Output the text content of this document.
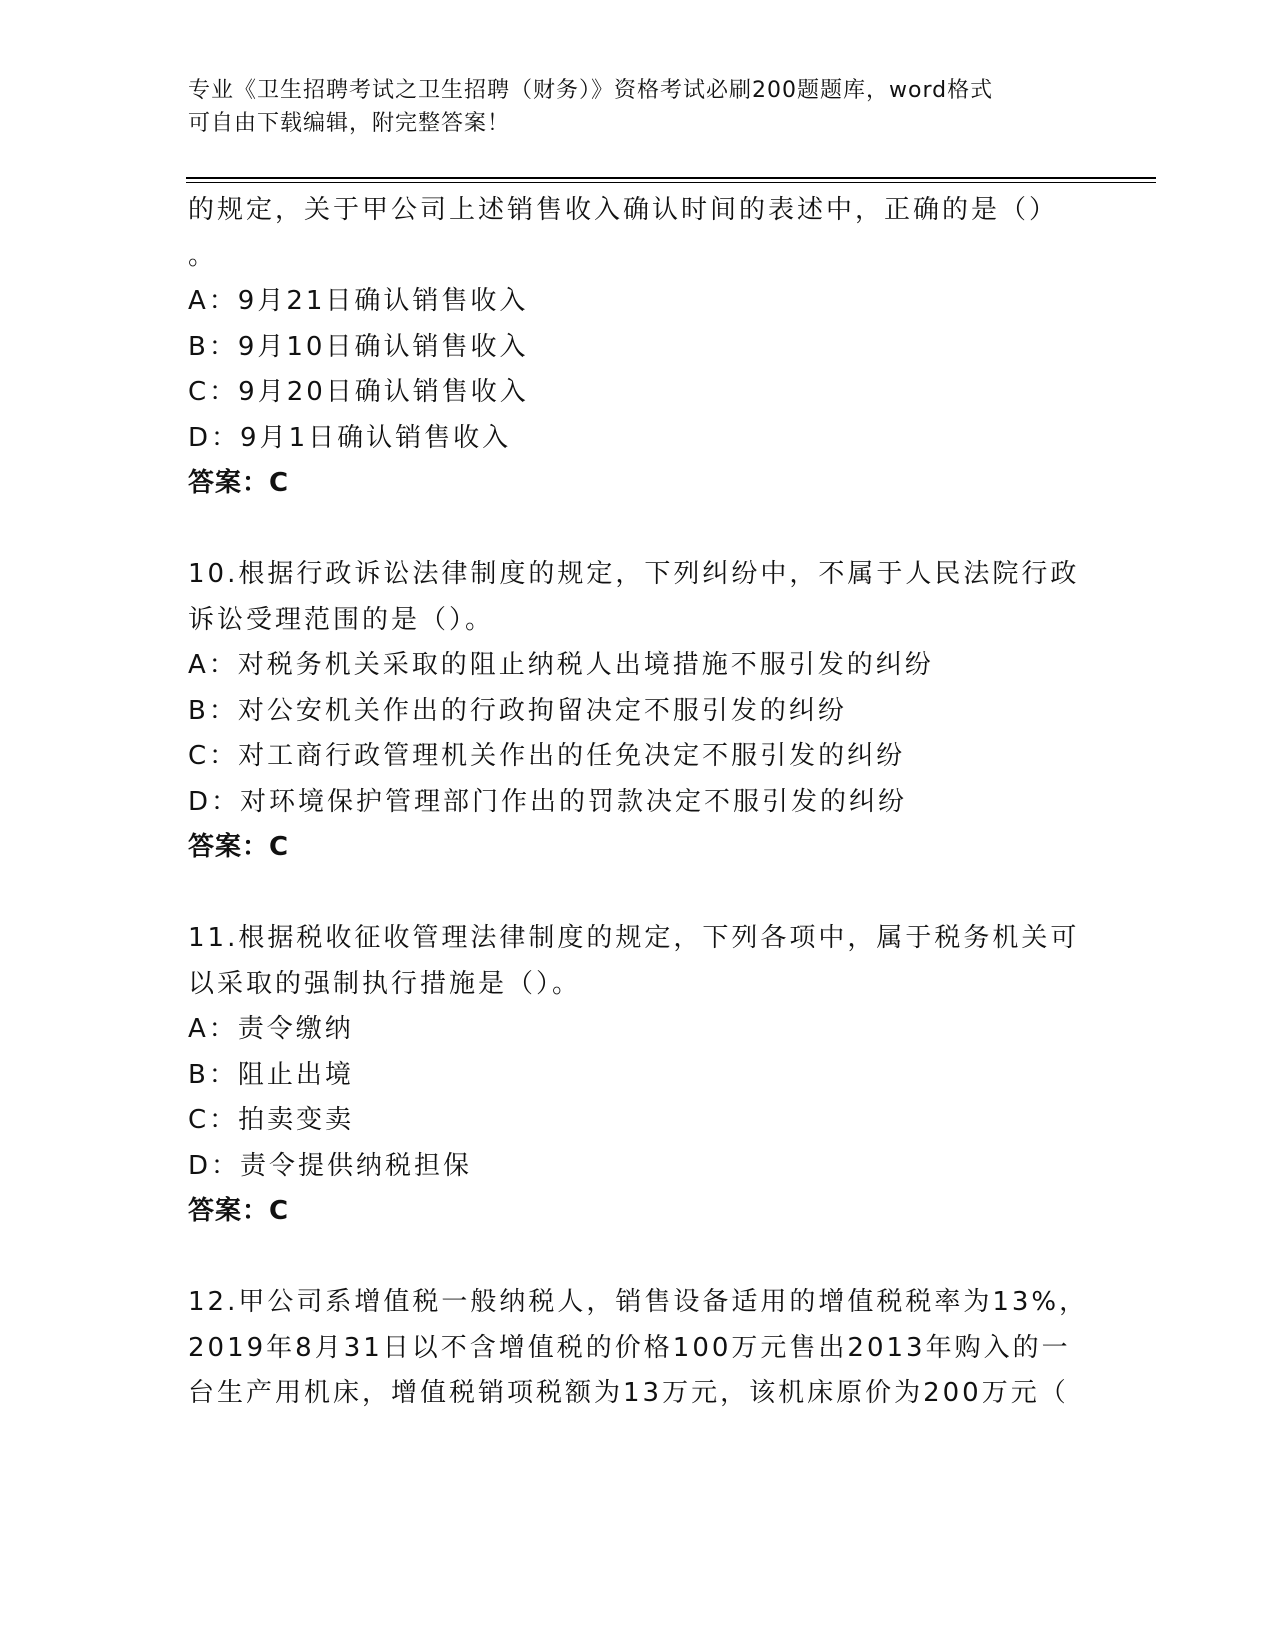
专业《卫生招聘考试之卫生招聘（财务）》资格考试必刷200题题库，word格式
可自由下载编辑，附完整答案！
的规定，关于甲公司上述销售收入确认时间的表述中，正确的是（）
。
A：9月21日确认销售收入
B：9月10日确认销售收入
C：9月20日确认销售收入
D：9月1日确认销售收入
答案：C
10.根据行政诉讼法律制度的规定，下列纠纷中，不属于人民法院行政
诉讼受理范围的是（）。
A：对税务机关采取的阻止纳税人出境措施不服引发的纠纷
B：对公安机关作出的行政拘留决定不服引发的纠纷
C：对工商行政管理机关作出的任免决定不服引发的纠纷
D：对环境保护管理部门作出的罚款决定不服引发的纠纷
答案：C
11.根据税收征收管理法律制度的规定，下列各项中，属于税务机关可
以采取的强制执行措施是（）。
A：责令缴纳
B：阻止出境
C：拍卖变卖
D：责令提供纳税担保
答案：C
12.甲公司系增值税一般纳税人，销售设备适用的增值税税率为13%，
2019年8月31日以不含增值税的价格100万元售出2013年购入的一
台生产用机床，增值税销项税额为13万元，该机床原价为200万元（
